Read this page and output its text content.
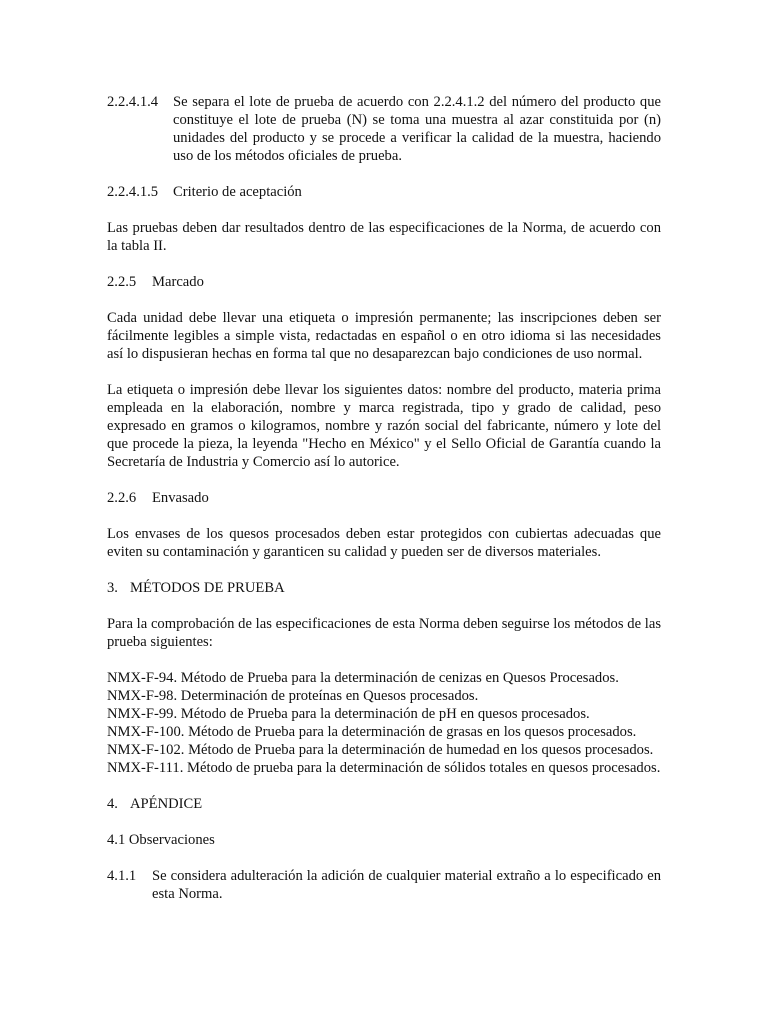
2.2.4.1.4	Se separa el lote de prueba de acuerdo con 2.2.4.1.2 del número del producto que constituye el lote de prueba (N) se toma una muestra al azar constituida por (n) unidades del producto y se procede a verificar la calidad de la muestra, haciendo uso de los métodos oficiales de prueba.
2.2.4.1.5 Criterio de aceptación

Las pruebas deben dar resultados dentro de las especificaciones de la Norma, de acuerdo con la tabla II.

2.2.5 Marcado

Cada unidad debe llevar una etiqueta o impresión permanente; las inscripciones deben ser fácilmente legibles a simple vista, redactadas en español o en otro idioma si las necesidades así lo dispusieran hechas en forma tal que no desaparezcan bajo condiciones de uso normal.

La etiqueta o impresión debe llevar los siguientes datos: nombre del producto, materia prima empleada en la elaboración, nombre y marca registrada, tipo y grado de calidad, peso expresado en gramos o kilogramos, nombre y razón social del fabricante, número y lote del que procede la pieza, la leyenda "Hecho en México" y el Sello Oficial de Garantía cuando la Secretaría de Industria y Comercio así lo autorice.

2.2.6 Envasado

Los envases de los quesos procesados deben estar protegidos con cubiertas adecuadas que eviten su contaminación y garanticen su calidad y pueden ser de diversos materiales.

3. MÉTODOS DE PRUEBA

Para la comprobación de las especificaciones de esta Norma deben seguirse los métodos de las prueba siguientes:

NMX-F-94. Método de Prueba para la determinación de cenizas en Quesos Procesados.

NMX-F-98. Determinación de proteínas en Quesos procesados.

NMX-F-99. Método de Prueba para la determinación de pH en quesos procesados.

NMX-F-100. Método de Prueba para la determinación de grasas en los quesos procesados.

NMX-F-102. Método de Prueba para la determinación de humedad en los quesos procesados.

NMX-F-111. Método de prueba para la determinación de sólidos totales en quesos procesados.

4. APÉNDICE
4.1 Observaciones
4.1.1	Se considera adulteración la adición de cualquier material extraño a lo especificado en esta Norma.
